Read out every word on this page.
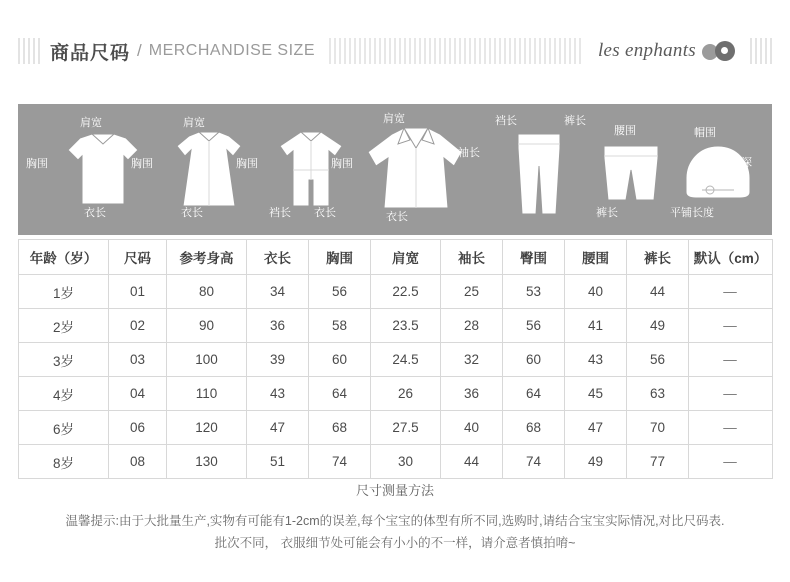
商品尺码 / MERCHANDISE SIZE	les enphants
肩宽
胸围
衣长
肩宽
胸围
衣长
胸围
裆长 衣长
肩宽
胸围
袖长
衣长
裆长	裤长
腰围
裤长
帽围
帽深
平铺长度
年龄（岁）	尺码	参考身高	衣长	胸围	肩宽	袖长	臀围	腰围	裤长	默认（cm）
1岁	01	80	34	56	22.5	25	53	40	44	—
2岁	02	90	36	58	23.5	28	56	41	49	—
3岁	03	100	39	60	24.5	32	60	43	56	—
4岁	04	110	43	64	26	36	64	45	63	—
6岁	06	120	47	68	27.5	40	68	47	70	—
8岁	08	130	51	74	30	44	74	49	77	—
尺寸测量方法
温馨提示:由于大批量生产,实物有可能有1-2cm的误差,每个宝宝的体型有所不同,选购时,请结合宝宝实际情况,对比尺码表.
批次不同， 衣服细节处可能会有小小的不一样，请介意者慎拍唷~
